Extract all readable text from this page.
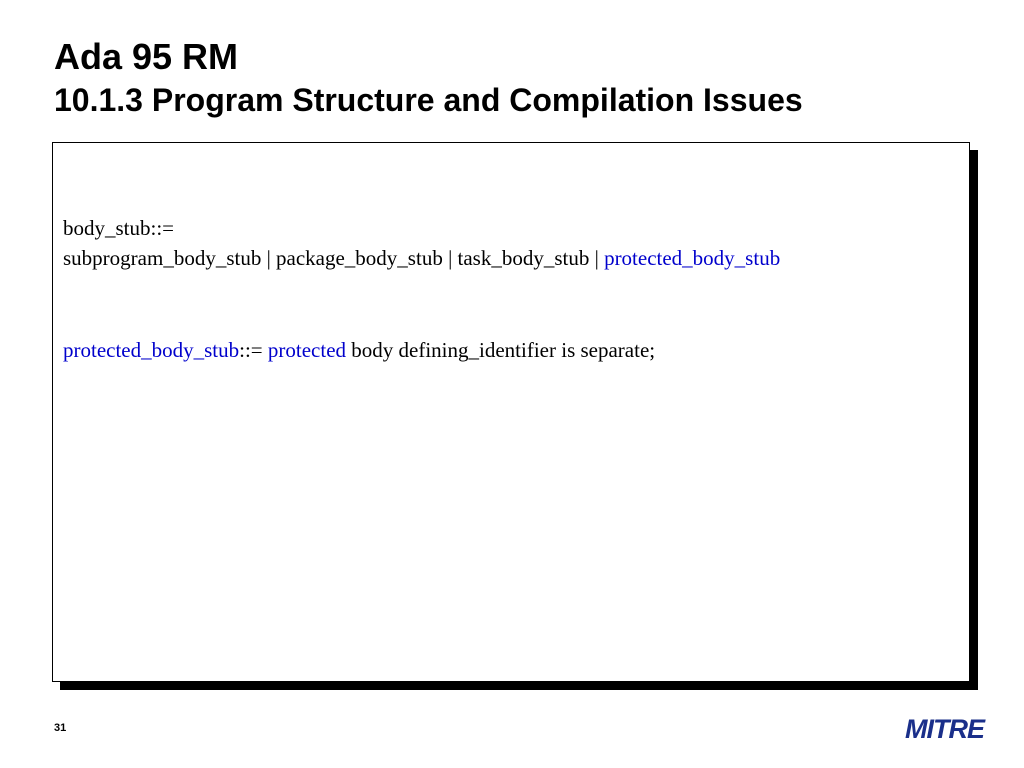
Ada 95 RM
10.1.3 Program Structure and Compilation Issues
body_stub::=
subprogram_body_stub | package_body_stub | task_body_stub | protected_body_stub
protected_body_stub::= protected body defining_identifier is separate;
31	MITRE
